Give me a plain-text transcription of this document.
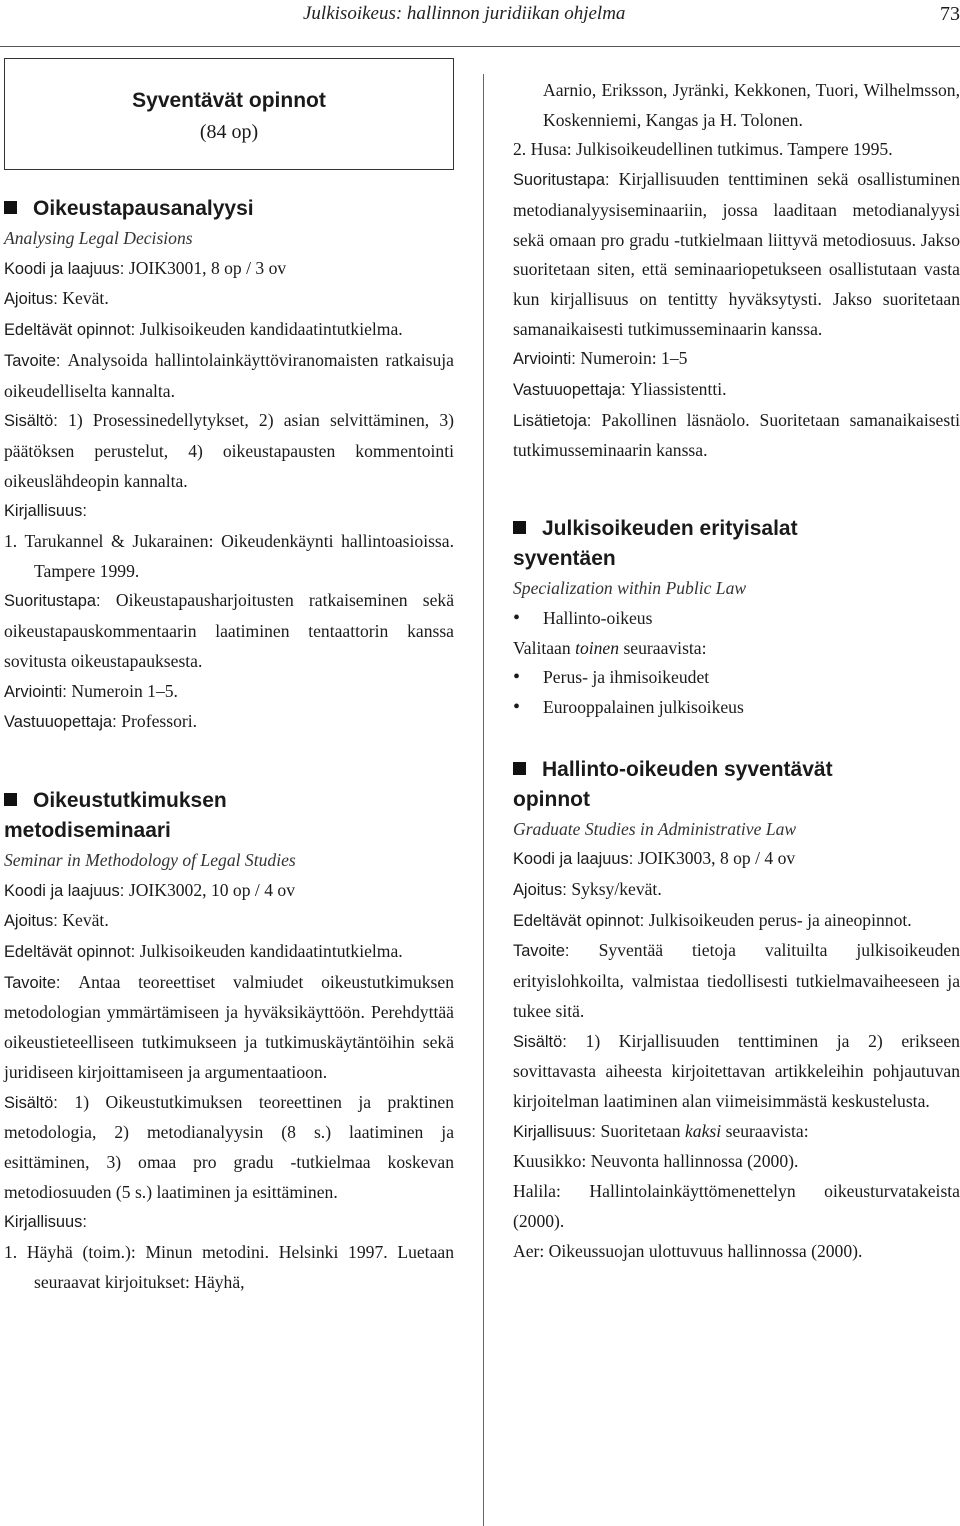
Julkisoikeus: hallinnon juridiikan ohjelma	73
Syventävät opinnot
(84 op)
Oikeustapausanalyysi

Analysing Legal Decisions

Koodi ja laajuus: JOIK3001, 8 op / 3 ov

Ajoitus: Kevät.

Edeltävät opinnot: Julkisoikeuden kandidaatintutkielma.

Tavoite: Analysoida hallintolainkäyttöviranomaisten ratkaisuja oikeudelliselta kannalta.

Sisältö: 1) Prosessinedellytykset, 2) asian selvittäminen, 3) päätöksen perustelut, 4) oikeustapausten kommentointi oikeuslähdeopin kannalta.

Kirjallisuus:

1. Tarukannel & Jukarainen: Oikeudenkäynti hallintoasioissa. Tampere 1999.

Suoritustapa: Oikeustapausharjoitusten ratkaiseminen sekä oikeustapauskommentaarin laatiminen tentaattorin kanssa sovitusta oikeustapauksesta.

Arviointi: Numeroin 1–5.

Vastuuopettaja: Professori.

Oikeustutkimuksen
metodiseminaari

Seminar in Methodology of Legal Studies

Koodi ja laajuus: JOIK3002, 10 op / 4 ov

Ajoitus: Kevät.

Edeltävät opinnot: Julkisoikeuden kandidaatintutkielma.

Tavoite: Antaa teoreettiset valmiudet oikeustutkimuksen metodologian ymmärtämiseen ja hyväksikäyttöön. Perehdyttää oikeustieteelliseen tutkimukseen ja tutkimuskäytäntöihin sekä juridiseen kirjoittamiseen ja argumentaatioon.

Sisältö: 1) Oikeustutkimuksen teoreettinen ja praktinen metodologia, 2) metodianalyysin (8 s.) laatiminen ja esittäminen, 3) omaa pro gradu -tutkielmaa koskevan metodiosuuden (5 s.) laatiminen ja esittäminen.

Kirjallisuus:

1. Häyhä (toim.): Minun metodini. Helsinki 1997. Luetaan seuraavat kirjoitukset: Häyhä,

Aarnio, Eriksson, Jyränki, Kekkonen, Tuori, Wilhelmsson, Koskenniemi, Kangas ja H. Tolonen.

2. Husa: Julkisoikeudellinen tutkimus. Tampere 1995.

Suoritustapa: Kirjallisuuden tenttiminen sekä osallistuminen metodianalyysiseminaariin, jossa laaditaan metodianalyysi sekä omaan pro gradu -tutkielmaan liittyvä metodiosuus. Jakso suoritetaan siten, että seminaariopetukseen osallistutaan vasta kun kirjallisuus on tentitty hyväksytysti. Jakso suoritetaan samanaikaisesti tutkimusseminaarin kanssa.

Arviointi: Numeroin: 1–5

Vastuuopettaja: Yliassistentti.

Lisätietoja: Pakollinen läsnäolo. Suoritetaan samanaikaisesti tutkimusseminaarin kanssa.

Julkisoikeuden erityisalat
syventäen

Specialization within Public Law

• Hallinto-oikeus

Valitaan toinen seuraavista:

• Perus- ja ihmisoikeudet
• Eurooppalainen julkisoikeus
Hallinto-oikeuden syventävät
opinnot

Graduate Studies in Administrative Law

Koodi ja laajuus: JOIK3003, 8 op / 4 ov

Ajoitus: Syksy/kevät.

Edeltävät opinnot: Julkisoikeuden perus- ja aineopinnot.

Tavoite: Syventää tietoja valituilta julkisoikeuden erityislohkoilta, valmistaa tiedollisesti tutkielmavaiheeseen ja tukee sitä.

Sisältö: 1) Kirjallisuuden tenttiminen ja 2) erikseen sovittavasta aiheesta kirjoitettavan artikkeleihin pohjautuvan kirjoitelman laatiminen alan viimeisimmästä keskustelusta.

Kirjallisuus: Suoritetaan kaksi seuraavista:

Kuusikko: Neuvonta hallinnossa (2000).

Halila: Hallintolainkäyttömenettelyn oikeusturvatakeista (2000).

Aer: Oikeussuojan ulottuvuus hallinnossa (2000).
